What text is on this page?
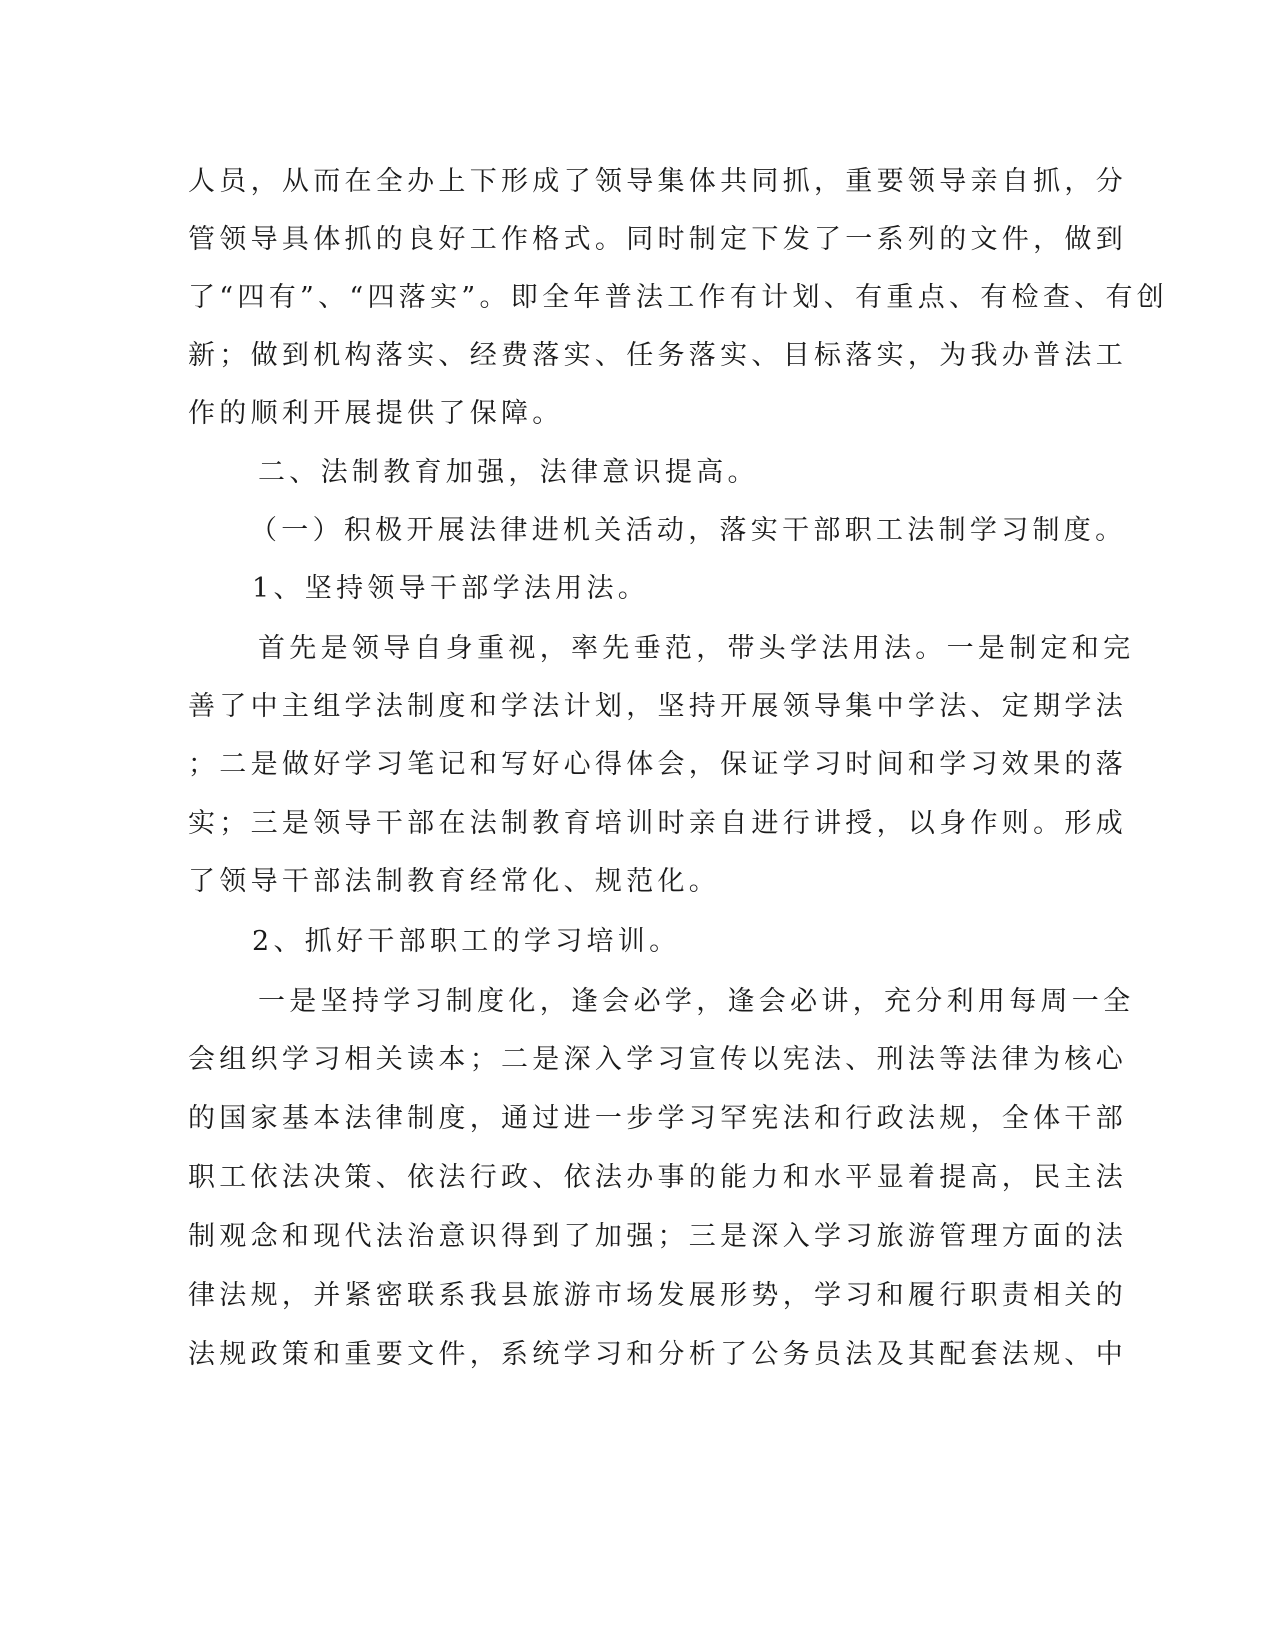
人员，从而在全办上下形成了领导集体共同抓，重要领导亲自抓，分
管领导具体抓的良好工作格式。同时制定下发了一系列的文件，做到
了“四有”、“四落实”。即全年普法工作有计划、有重点、有检查、有创
新；做到机构落实、经费落实、任务落实、目标落实，为我办普法工
作的顺利开展提供了保障。
二、法制教育加强，法律意识提高。
（一）积极开展法律进机关活动，落实干部职工法制学习制度。
1、坚持领导干部学法用法。
首先是领导自身重视，率先垂范，带头学法用法。一是制定和完
善了中主组学法制度和学法计划，坚持开展领导集中学法、定期学法
；二是做好学习笔记和写好心得体会，保证学习时间和学习效果的落
实；三是领导干部在法制教育培训时亲自进行讲授，以身作则。形成
了领导干部法制教育经常化、规范化。
2、抓好干部职工的学习培训。
一是坚持学习制度化，逢会必学，逢会必讲，充分利用每周一全
会组织学习相关读本；二是深入学习宣传以宪法、刑法等法律为核心
的国家基本法律制度，通过进一步学习罕宪法和行政法规，全体干部
职工依法决策、依法行政、依法办事的能力和水平显着提高，民主法
制观念和现代法治意识得到了加强；三是深入学习旅游管理方面的法
律法规，并紧密联系我县旅游市场发展形势，学习和履行职责相关的
法规政策和重要文件，系统学习和分析了公务员法及其配套法规、中
